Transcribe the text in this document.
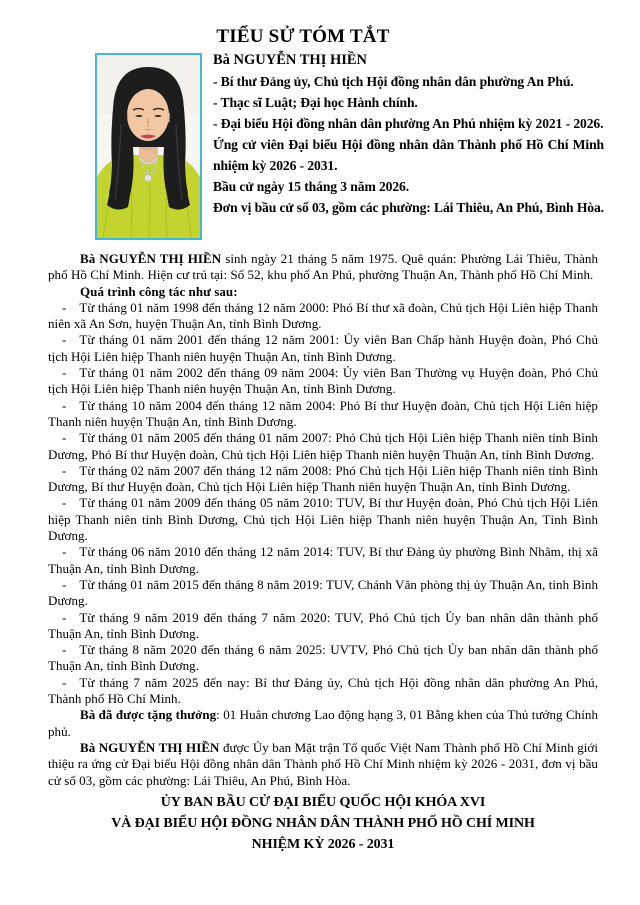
TIỂU SỬ TÓM TẮT
Bà NGUYỄN THỊ HIỀN
- Bí thư Đảng ủy, Chủ tịch Hội đồng nhân dân phường An Phú.
- Thạc sĩ Luật; Đại học Hành chính.
- Đại biểu Hội đồng nhân dân phường An Phú nhiệm kỳ 2021 - 2026.
Ứng cử viên Đại biểu Hội đồng nhân dân Thành phố Hồ Chí Minh nhiệm kỳ 2026 - 2031.
Bầu cử ngày 15 tháng 3 năm 2026.
Đơn vị bầu cử số 03, gồm các phường: Lái Thiêu, An Phú, Bình Hòa.

Bà NGUYỄN THỊ HIỀN sinh ngày 21 tháng 5 năm 1975. Quê quán: Phường Lái Thiêu, Thành phố Hồ Chí Minh. Hiện cư trú tại: Số 52, khu phố An Phú, phường Thuận An, Thành phố Hồ Chí Minh.

Quá trình công tác như sau:

- Từ tháng 01 năm 1998 đến tháng 12 năm 2000: Phó Bí thư xã đoàn, Chủ tịch Hội Liên hiệp Thanh niên xã An Sơn, huyện Thuận An, tỉnh Bình Dương.

- Từ tháng 01 năm 2001 đến tháng 12 năm 2001: Ủy viên Ban Chấp hành Huyện đoàn, Phó Chủ tịch Hội Liên hiệp Thanh niên huyện Thuận An, tỉnh Bình Dương.

- Từ tháng 01 năm 2002 đến tháng 09 năm 2004: Ủy viên Ban Thường vụ Huyện đoàn, Phó Chủ tịch Hội Liên hiệp Thanh niên huyện Thuận An, tỉnh Bình Dương.

- Từ tháng 10 năm 2004 đến tháng 12 năm 2004: Phó Bí thư Huyện đoàn, Chủ tịch Hội Liên hiệp Thanh niên huyện Thuận An, tỉnh Bình Dương.

- Từ tháng 01 năm 2005 đến tháng 01 năm 2007: Phó Chủ tịch Hội Liên hiệp Thanh niên tỉnh Bình Dương, Phó Bí thư Huyện đoàn, Chủ tịch Hội Liên hiệp Thanh niên huyện Thuận An, tỉnh Bình Dương.

- Từ tháng 02 năm 2007 đến tháng 12 năm 2008: Phó Chủ tịch Hội Liên hiệp Thanh niên tỉnh Bình Dương, Bí thư Huyện đoàn, Chủ tịch Hội Liên hiệp Thanh niên huyện Thuận An, tỉnh Bình Dương.

- Từ tháng 01 năm 2009 đến tháng 05 năm 2010: TUV, Bí thư Huyện đoàn, Phó Chủ tịch Hội Liên hiệp Thanh niên tỉnh Bình Dương, Chủ tịch Hội Liên hiệp Thanh niên huyện Thuận An, Tỉnh Bình Dương.

- Từ tháng 06 năm 2010 đến tháng 12 năm 2014: TUV, Bí thư Đảng ủy phường Bình Nhâm, thị xã Thuận An, tỉnh Bình Dương.

- Từ tháng 01 năm 2015 đến tháng 8 năm 2019: TUV, Chánh Văn phòng thị ủy Thuận An, tỉnh Bình Dương.

- Từ tháng 9 năm 2019 đến tháng 7 năm 2020: TUV, Phó Chủ tịch Ủy ban nhân dân thành phố Thuận An, tỉnh Bình Dương.

- Từ tháng 8 năm 2020 đến tháng 6 năm 2025: UVTV, Phó Chủ tịch Ủy ban nhân dân thành phố Thuận An, tỉnh Bình Dương.

- Từ tháng 7 năm 2025 đến nay: Bí thư Đảng ủy, Chủ tịch Hội đồng nhân dân phường An Phú, Thành phố Hồ Chí Minh.

Bà đã được tặng thưởng: 01 Huân chương Lao động hạng 3, 01 Bằng khen của Thủ tướng Chính phủ.

Bà NGUYỄN THỊ HIỀN được Ủy ban Mặt trận Tổ quốc Việt Nam Thành phố Hồ Chí Minh giới thiệu ra ứng cử Đại biểu Hội đồng nhân dân Thành phố Hồ Chí Minh nhiệm kỳ 2026 - 2031, đơn vị bầu cử số 03, gồm các phường: Lái Thiêu, An Phú, Bình Hòa.

ỦY BAN BẦU CỬ ĐẠI BIỂU QUỐC HỘI KHÓA XVI
VÀ ĐẠI BIỂU HỘI ĐỒNG NHÂN DÂN THÀNH PHỐ HỒ CHÍ MINH
NHIỆM KỲ 2026 - 2031
